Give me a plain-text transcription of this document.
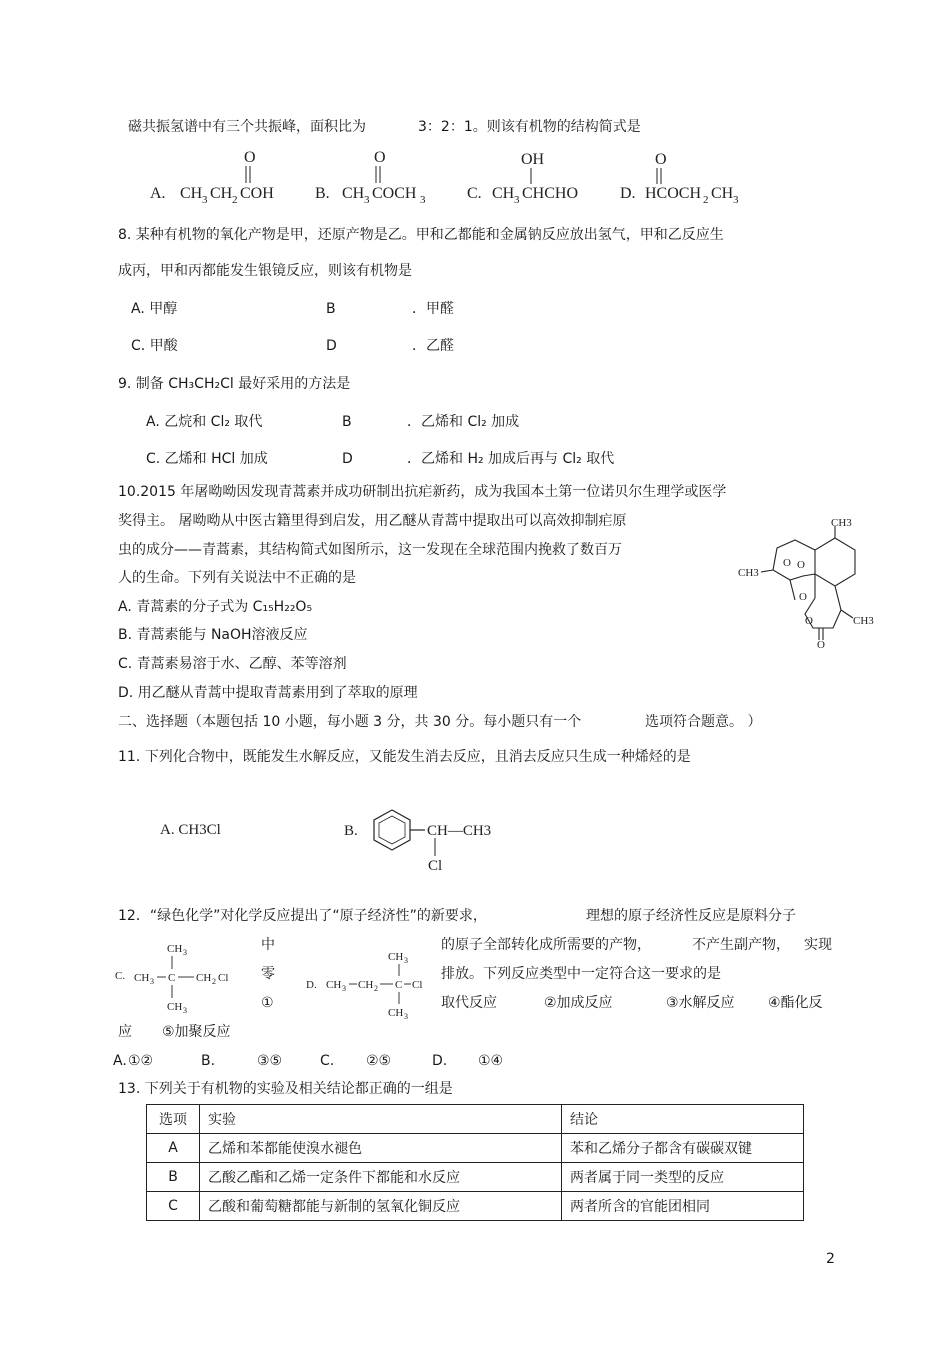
磁共振氢谱中有三个共振峰，面积比为	3：2：1。则该有机物的结构简式是
A. CH 3 CH 2 COH
O
B. CH 3 COCH 3
O
C. CH 3 CHCHO
OH
D. HCOCH 2 CH 3
O
8. 某种有机物的氧化产物是甲，还原产物是乙。甲和乙都能和金属钠反应放出氢气，甲和乙反应生
成丙，甲和丙都能发生银镜反应，则该有机物是
A. 甲醇	B	．甲醛
C. 甲酸	D	．乙醛
9. 制备 CH₃CH₂Cl 最好采用的方法是
A. 乙烷和 Cl₂ 取代	B	．乙烯和 Cl₂ 加成
C. 乙烯和 HCl 加成	D	．乙烯和 H₂ 加成后再与 Cl₂ 取代
10.2015 年屠呦呦因发现青蒿素并成功研制出抗疟新药，成为我国本土第一位诺贝尔生理学或医学
奖得主。 屠呦呦从中医古籍里得到启发，用乙醚从青蒿中提取出可以高效抑制疟原
虫的成分——青蒿素，其结构简式如图所示，这一发现在全球范围内挽救了数百万
人的生命。下列有关说法中不正确的是
A. 青蒿素的分子式为 C₁₅H₂₂O₅
B. 青蒿素能与 NaOH溶液反应
C. 青蒿素易溶于水、乙醇、苯等溶剂
D. 用乙醚从青蒿中提取青蒿素用到了萃取的原理
CH3
CH3
CH3
O O
O
O
O
二、选择题（本题包括 10 小题，每小题 3 分，共 30 分。每小题只有一个	选项符合题意。 ）
11. 下列化合物中，既能发生水解反应，又能发生消去反应，且消去反应只生成一种烯烃的是
A. CH3Cl	B.	CH—CH3
Cl
12．“绿色化学”对化学反应提出了“原子经济性”的新要求，	理想的原子经济性反应是原料分子
C.
CH 3
CH 3 C CH 2 Cl
CH 3
中
零
①
D.
CH 3
CH 3 CH 2 C Cl
CH 3
的原子全部转化成所需要的产物，	不产生副产物， 实现
排放。下列反应类型中一定符合这一要求的是
取代反应	②加成反应	③水解反应 ④酯化反
应 ⑤加聚反应
A. ①②	B.	③⑤	C. ②⑤	D. ①④
13. 下列关于有机物的实验及相关结论都正确的一组是
选项	实验	结论
A	乙烯和苯都能使溴水褪色	苯和乙烯分子都含有碳碳双键
B	乙酸乙酯和乙烯一定条件下都能和水反应	两者属于同一类型的反应
C	乙酸和葡萄糖都能与新制的氢氧化铜反应	两者所含的官能团相同
2
